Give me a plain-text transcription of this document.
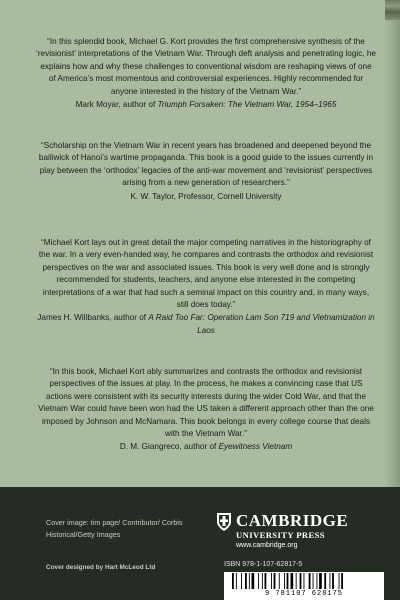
“In this splendid book, Michael G. Kort provides the first comprehensive synthesis of the ‘revisionist’ interpretations of the Vietnam War. Through deft analysis and penetrating logic, he explains how and why these challenges to conventional wisdom are reshaping views of one of America’s most momentous and controversial experiences. Highly recommended for anyone interested in the history of the Vietnam War.”

Mark Moyar, author of Triumph Forsaken: The Vietnam War, 1954–1965

“Scholarship on the Vietnam War in recent years has broadened and deepened beyond the bailiwick of Hanoi’s wartime propaganda. This book is a good guide to the issues currently in play between the ‘orthodox’ legacies of the anti-war movement and ‘revisionist’ perspectives arising from a new generation of researchers.”

K. W. Taylor, Professor, Cornell University

“Michael Kort lays out in great detail the major competing narratives in the historiography of the war. In a very even-handed way, he compares and contrasts the orthodox and revisionist perspectives on the war and associated issues. This book is very well done and is strongly recommended for students, teachers, and anyone else interested in the competing interpretations of a war that had such a seminal impact on this country and, in many ways, still does today.”

James H. Willbanks, author of A Raid Too Far: Operation Lam Son 719 and Vietnamization in Laos

“In this book, Michael Kort ably summarizes and contrasts the orthodox and revisionist perspectives of the issues at play. In the process, he makes a convincing case that US actions were consistent with its security interests during the wider Cold War, and that the Vietnam War could have been won had the US taken a different approach other than the one imposed by Johnson and McNamara. This book belongs in every college course that deals with the Vietnam War.”

D. M. Giangreco, author of Eyewitness Vietnam

Cover image: tim page/ Contributor/ Corbis Historical/Getty Images
Cover designed by Hart McLeod Ltd
CAMBRIDGE
UNIVERSITY PRESS
www.cambridge.org
ISBN 978-1-107-62817-5
9 781107 628175
